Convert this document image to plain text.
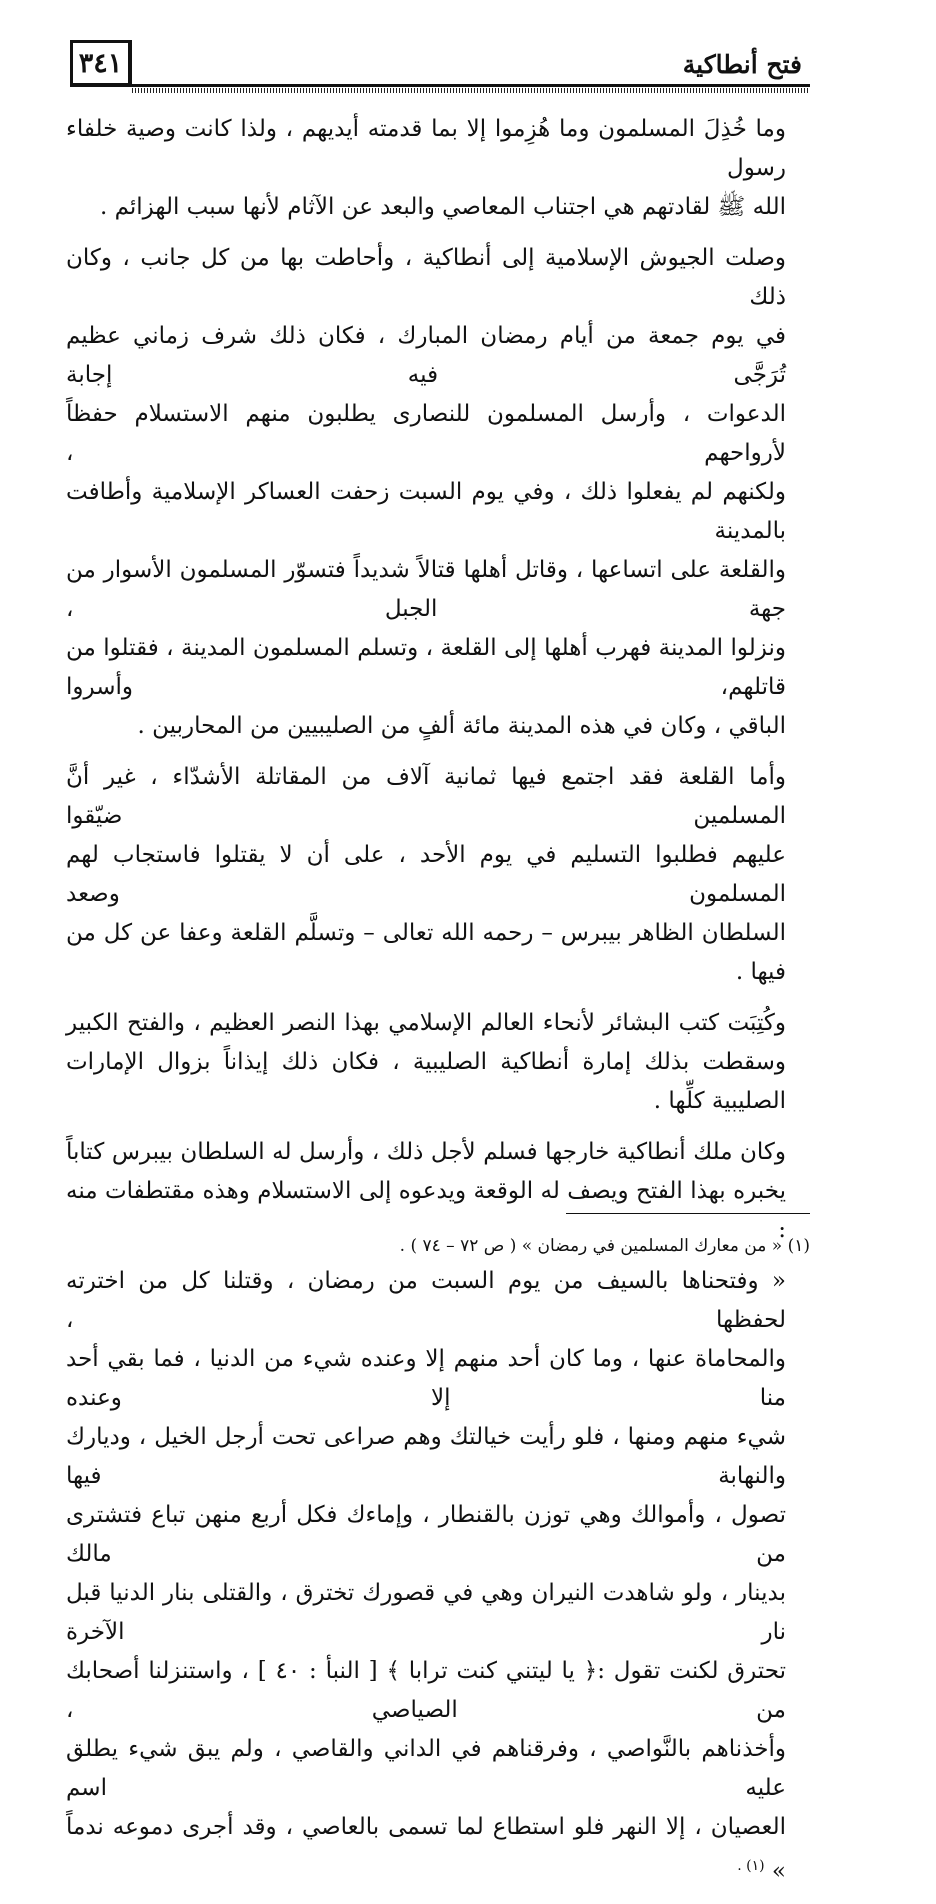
٣٤١	فتح أنطاكية

وما خُذِلَ المسلمون وما هُزِموا إلا بما قدمته أيديهم ، ولذا كانت وصية خلفاء رسول
الله ﷺ لقادتهم هي اجتناب المعاصي والبعد عن الآثام لأنها سبب الهزائم .

وصلت الجيوش الإسلامية إلى أنطاكية ، وأحاطت بها من كل جانب ، وكان ذلك
في يوم جمعة من أيام رمضان المبارك ، فكان ذلك شرف زماني عظيم تُرَجَّى فيه إجابة
الدعوات ، وأرسل المسلمون للنصارى يطلبون منهم الاستسلام حفظاً لأرواحهم ،
ولكنهم لم يفعلوا ذلك ، وفي يوم السبت زحفت العساكر الإسلامية وأطافت بالمدينة
والقلعة على اتساعها ، وقاتل أهلها قتالاً شديداً فتسوّر المسلمون الأسوار من جهة الجبل ،
ونزلوا المدينة فهرب أهلها إلى القلعة ، وتسلم المسلمون المدينة ، فقتلوا من قاتلهم، وأسروا
الباقي ، وكان في هذه المدينة مائة ألفٍ من الصليبيين من المحاربين .

وأما القلعة فقد اجتمع فيها ثمانية آلاف من المقاتلة الأشدّاء ، غير أنَّ المسلمين ضيّقوا
عليهم فطلبوا التسليم في يوم الأحد ، على أن لا يقتلوا فاستجاب لهم المسلمون وصعد
السلطان الظاهر بيبرس – رحمه الله تعالى – وتسلَّم القلعة وعفا عن كل من فيها .

وكُتِبَت كتب البشائر لأنحاء العالم الإسلامي بهذا النصر العظيم ، والفتح الكبير
وسقطت بذلك إمارة أنطاكية الصليبية ، فكان ذلك إيذاناً بزوال الإمارات الصليبية كلِّها .

وكان ملك أنطاكية خارجها فسلم لأجل ذلك ، وأرسل له السلطان بيبرس كتاباً
يخبره بهذا الفتح ويصف له الوقعة ويدعوه إلى الاستسلام وهذه مقتطفات منه :

« وفتحناها بالسيف من يوم السبت من رمضان ، وقتلنا كل من اخترته لحفظها ،
والمحاماة عنها ، وما كان أحد منهم إلا وعنده شيء من الدنيا ، فما بقي أحد منا إلا وعنده
شيء منهم ومنها ، فلو رأيت خيالتك وهم صراعى تحت أرجل الخيل ، وديارك والنهابة فيها
تصول ، وأموالك وهي توزن بالقنطار ، وإماءك فكل أربع منهن تباع فتشترى من مالك
بدينار ، ولو شاهدت النيران وهي في قصورك تخترق ، والقتلى بنار الدنيا قبل نار الآخرة
تحترق لكنت تقول :﴿ يا ليتني كنت ترابا ﴾ [ النبأ : ٤٠ ] ، واستنزلنا أصحابك من الصياصي ،
وأخذناهم بالنَّواصي ، وفرقناهم في الداني والقاصي ، ولم يبق شيء يطلق عليه اسم
العصيان ، إلا النهر فلو استطاع لما تسمى بالعاصي ، وقد أجرى دموعه ندماً » $^{(١) .}$

(١) « من معارك المسلمين في رمضان » ( ص ٧٢ – ٧٤ ) .
